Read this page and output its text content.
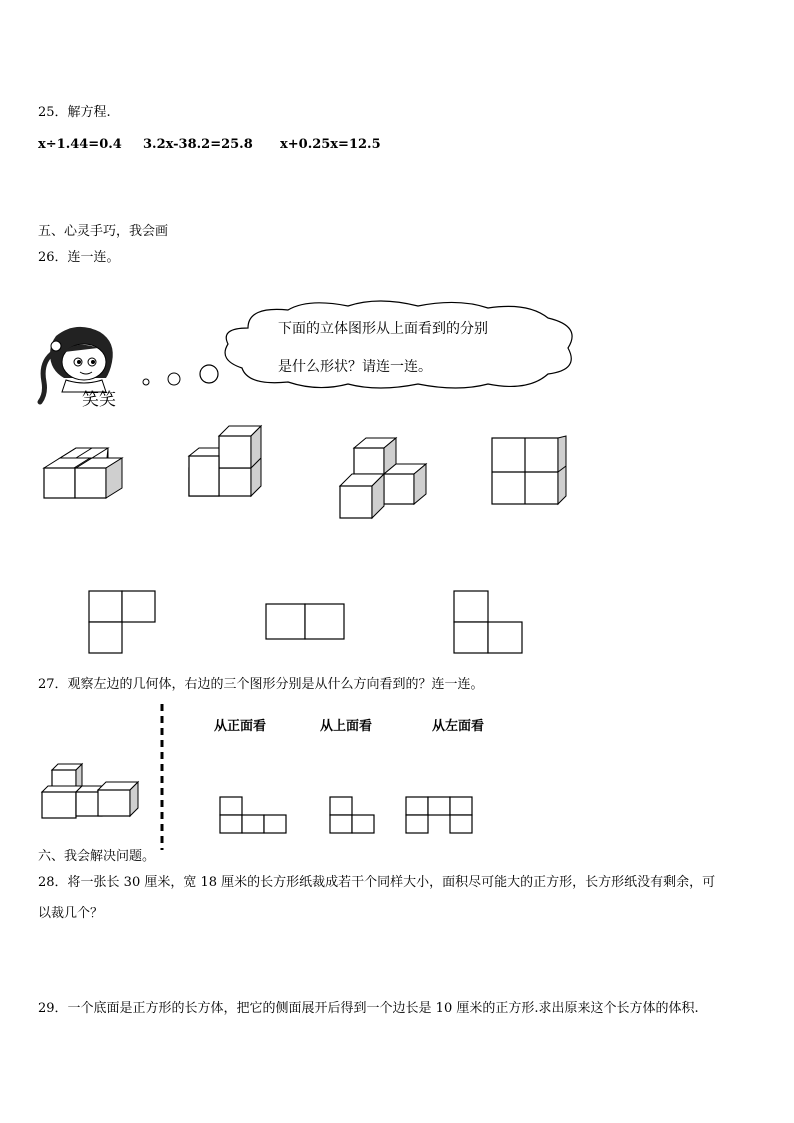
25．解方程.
x÷1.44=0.4 3.2x-38.2=25.8 x+0.25x=12.5
五、心灵手巧，我会画
26．连一连。
笑笑
下面的立体图形从上面看到的分别
是什么形状？请连一连。
27．观察左边的几何体，右边的三个图形分别是从什么方向看到的？连一连。
从正面看	从上面看	从左面看
六、我会解决问题。
28．将一张长 30 厘米，宽 18 厘米的长方形纸裁成若干个同样大小，面积尽可能大的正方形，长方形纸没有剩余，可
以裁几个？
29．一个底面是正方形的长方体，把它的侧面展开后得到一个边长是 10 厘米的正方形.求出原来这个长方体的体积.
